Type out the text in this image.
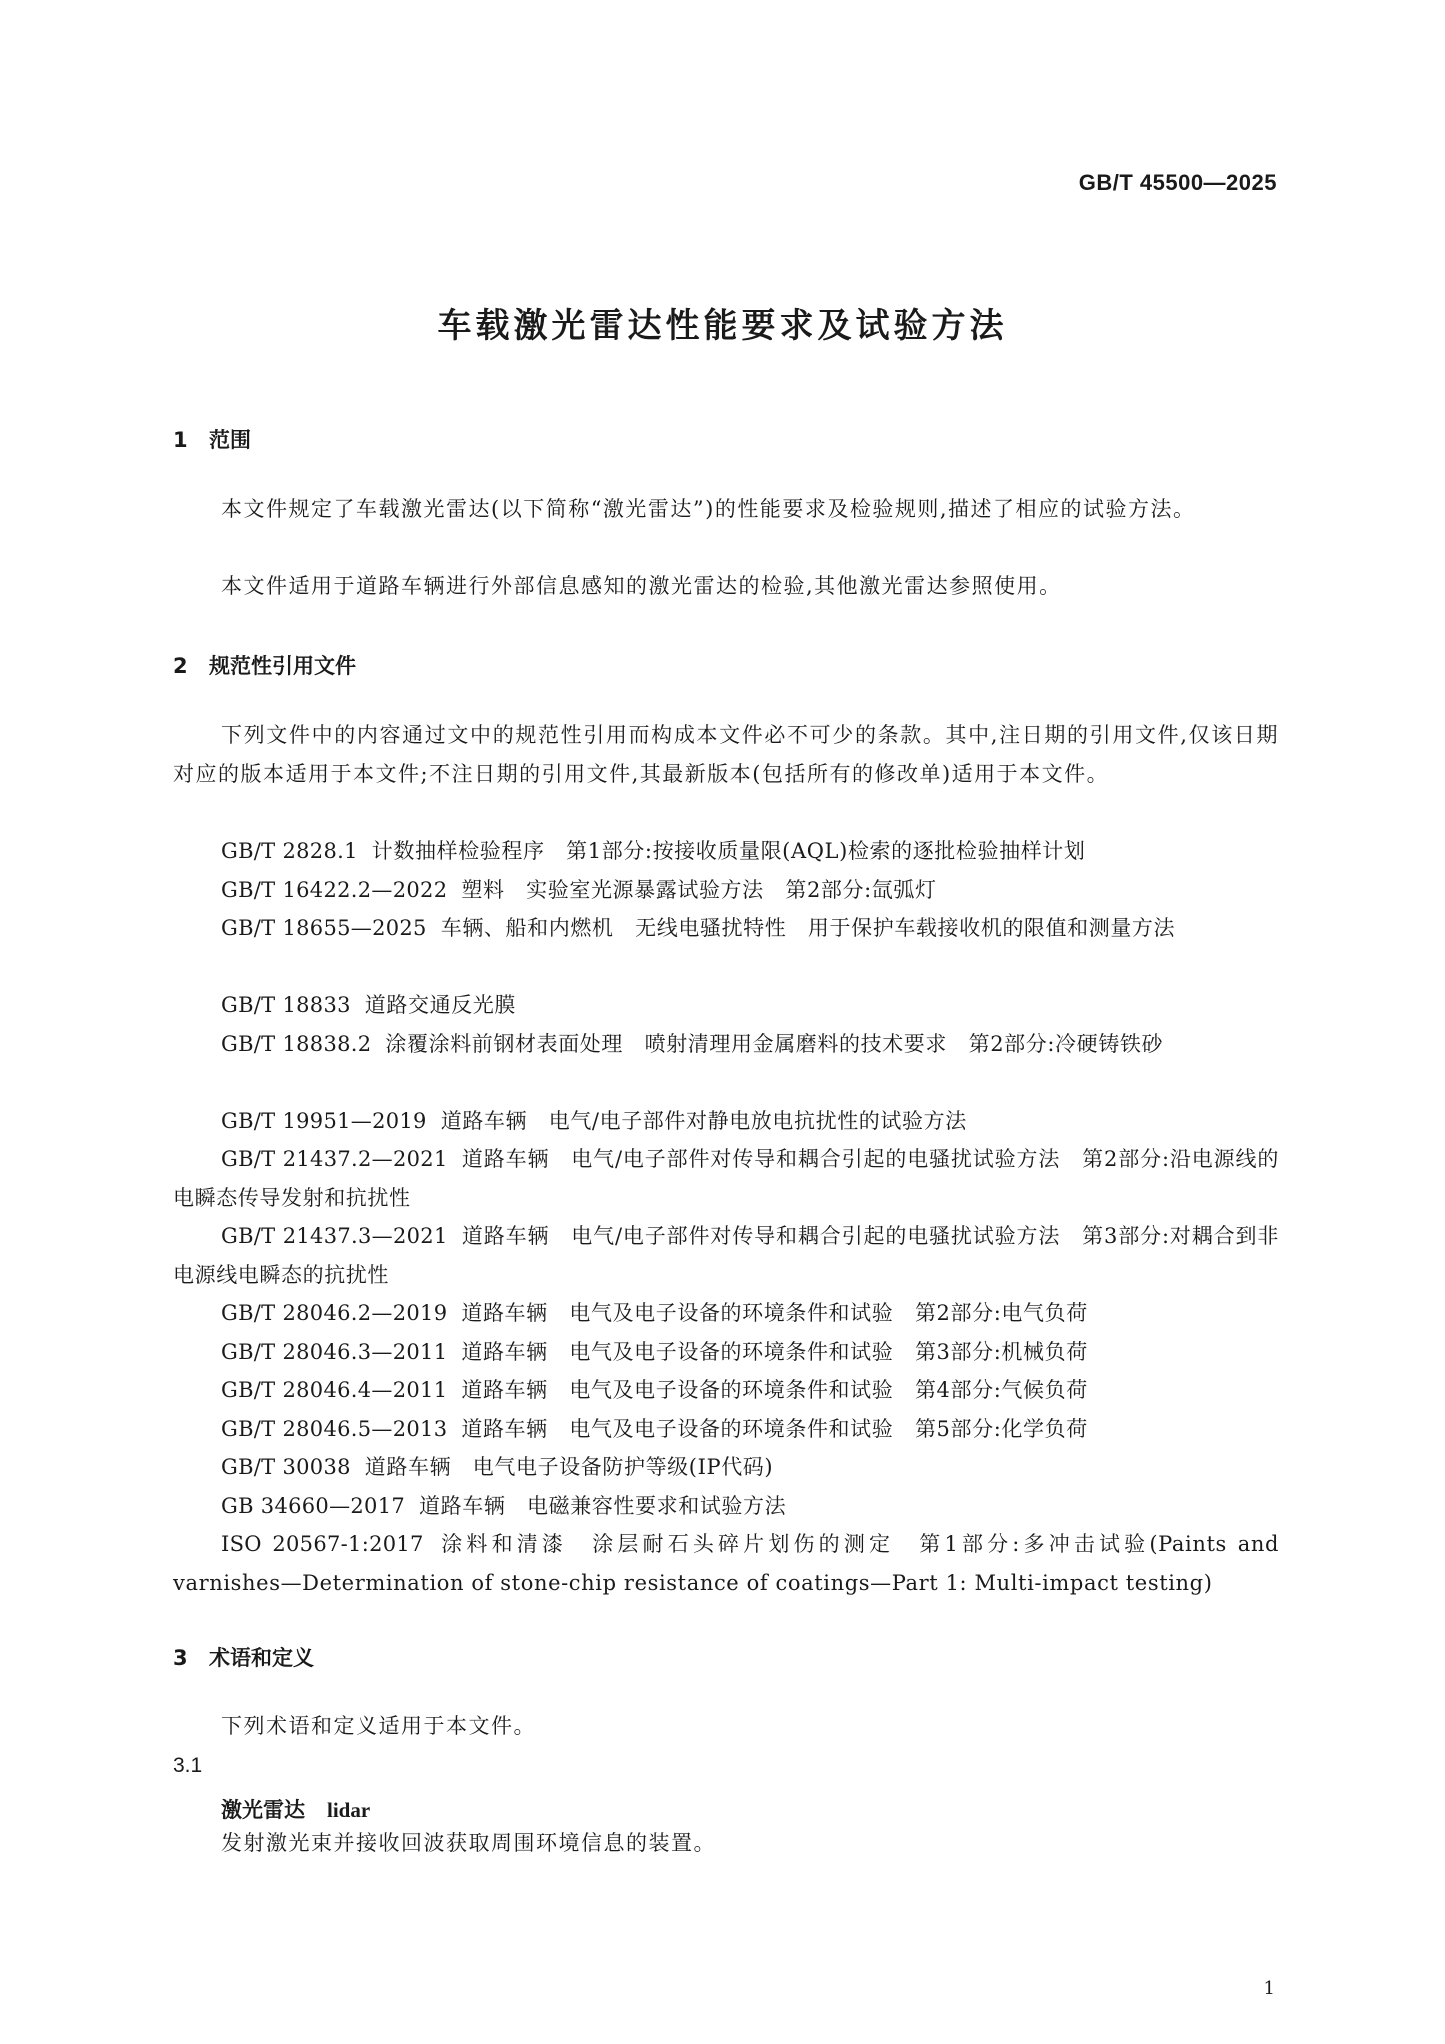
GB/T 45500—2025
车载激光雷达性能要求及试验方法
1 范围
本文件规定了车载激光雷达(以下简称“激光雷达”)的性能要求及检验规则,描述了相应的试验方法。
本文件适用于道路车辆进行外部信息感知的激光雷达的检验,其他激光雷达参照使用。
2 规范性引用文件
下列文件中的内容通过文中的规范性引用而构成本文件必不可少的条款。其中,注日期的引用文件,仅该日期对应的版本适用于本文件;不注日期的引用文件,其最新版本(包括所有的修改单)适用于本文件。
GB/T 2828.1 计数抽样检验程序　第1部分:按接收质量限(AQL)检索的逐批检验抽样计划
GB/T 16422.2—2022 塑料　实验室光源暴露试验方法　第2部分:氙弧灯
GB/T 18655—2025 车辆、船和内燃机　无线电骚扰特性　用于保护车载接收机的限值和测量方法
GB/T 18833 道路交通反光膜
GB/T 18838.2 涂覆涂料前钢材表面处理　喷射清理用金属磨料的技术要求　第2部分:冷硬铸铁砂
GB/T 19951—2019 道路车辆　电气/电子部件对静电放电抗扰性的试验方法
GB/T 21437.2—2021 道路车辆　电气/电子部件对传导和耦合引起的电骚扰试验方法　第2部分:沿电源线的电瞬态传导发射和抗扰性
GB/T 21437.3—2021 道路车辆　电气/电子部件对传导和耦合引起的电骚扰试验方法　第3部分:对耦合到非电源线电瞬态的抗扰性
GB/T 28046.2—2019 道路车辆　电气及电子设备的环境条件和试验　第2部分:电气负荷
GB/T 28046.3—2011 道路车辆　电气及电子设备的环境条件和试验　第3部分:机械负荷
GB/T 28046.4—2011 道路车辆　电气及电子设备的环境条件和试验　第4部分:气候负荷
GB/T 28046.5—2013 道路车辆　电气及电子设备的环境条件和试验　第5部分:化学负荷
GB/T 30038 道路车辆　电气电子设备防护等级(IP代码)
GB 34660—2017 道路车辆　电磁兼容性要求和试验方法
ISO 20567-1:2017 涂料和清漆　涂层耐石头碎片划伤的测定　第1部分:多冲击试验(Paints and varnishes—Determination of stone-chip resistance of coatings—Part 1: Multi-impact testing)
3 术语和定义
下列术语和定义适用于本文件。
3.1
激光雷达 lidar
发射激光束并接收回波获取周围环境信息的装置。
1
